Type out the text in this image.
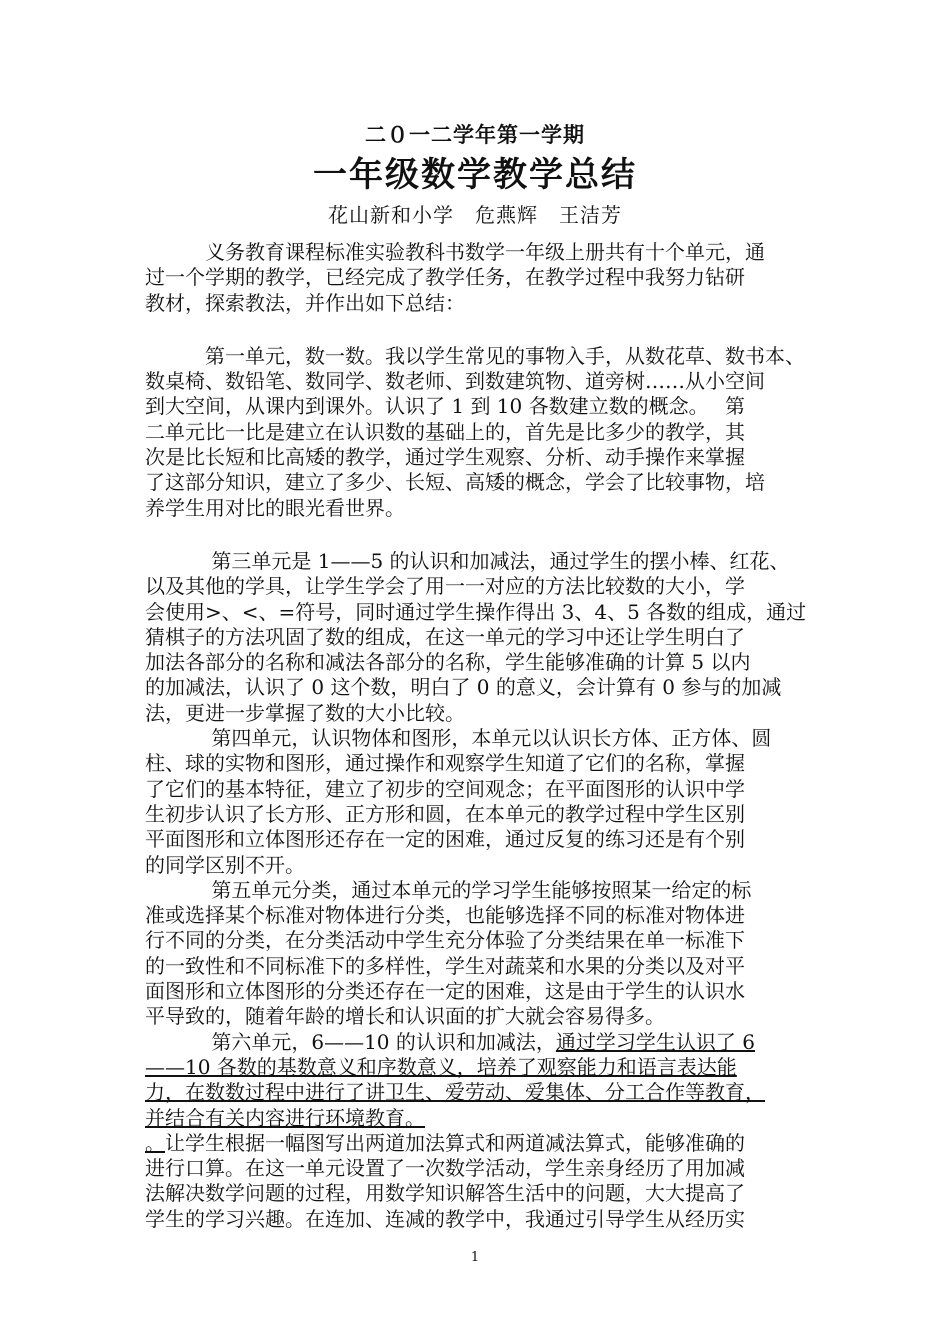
二０一二学年第一学期
一年级数学教学总结
花山新和小学　危燕辉　王洁芳
　　　义务教育课程标准实验教科书数学一年级上册共有十个单元，通
过一个学期的教学，已经完成了教学任务，在教学过程中我努力钻研
教材，探索教法，并作出如下总结：
　　　第一单元，数一数。我以学生常见的事物入手，从数花草、数书本、
数桌椅、数铅笔、数同学、数老师、到数建筑物、道旁树……从小空间
到大空间，从课内到课外。认识了 1 到 10 各数建立数的概念。　 第
二单元比一比是建立在认识数的基础上的，首先是比多少的教学，其
次是比长短和比高矮的教学，通过学生观察、分析、动手操作来掌握
了这部分知识，建立了多少、长短、高矮的概念，学会了比较事物，培
养学生用对比的眼光看世界。
　　　 第三单元是 1——5 的认识和加减法，通过学生的摆小棒、红花、
以及其他的学具，让学生学会了用一一对应的方法比较数的大小，学
会使用>、<、=符号，同时通过学生操作得出 3、4、5 各数的组成，通过
猜棋子的方法巩固了数的组成，在这一单元的学习中还让学生明白了
加法各部分的名称和减法各部分的名称，学生能够准确的计算 5 以内
的加减法，认识了 0 这个数，明白了 0 的意义，会计算有 0 参与的加减
法，更进一步掌握了数的大小比较。
　　　 第四单元，认识物体和图形，本单元以认识长方体、正方体、圆
柱、球的实物和图形，通过操作和观察学生知道了它们的名称，掌握
了它们的基本特征，建立了初步的空间观念；在平面图形的认识中学
生初步认识了长方形、正方形和圆，在本单元的教学过程中学生区别
平面图形和立体图形还存在一定的困难，通过反复的练习还是有个别
的同学区别不开。
　　　 第五单元分类，通过本单元的学习学生能够按照某一给定的标
准或选择某个标准对物体进行分类，也能够选择不同的标准对物体进
行不同的分类，在分类活动中学生充分体验了分类结果在单一标准下
的一致性和不同标准下的多样性，学生对蔬菜和水果的分类以及对平
面图形和立体图形的分类还存在一定的困难，这是由于学生的认识水
平导致的，随着年龄的增长和认识面的扩大就会容易得多。
　　　 第六单元，6——10 的认识和加减法，通过学习学生认识了 6
——10 各数的基数意义和序数意义，培养了观察能力和语言表达能
力，在数数过程中进行了讲卫生、爱劳动、爱集体、分工合作等教育，
并结合有关内容进行环境教育。
。让学生根据一幅图写出两道加法算式和两道减法算式，能够准确的
进行口算。在这一单元设置了一次数学活动，学生亲身经历了用加减
法解决数学问题的过程，用数学知识解答生活中的问题，大大提高了
学生的学习兴趣。在连加、连减的教学中，我通过引导学生从经历实
1
